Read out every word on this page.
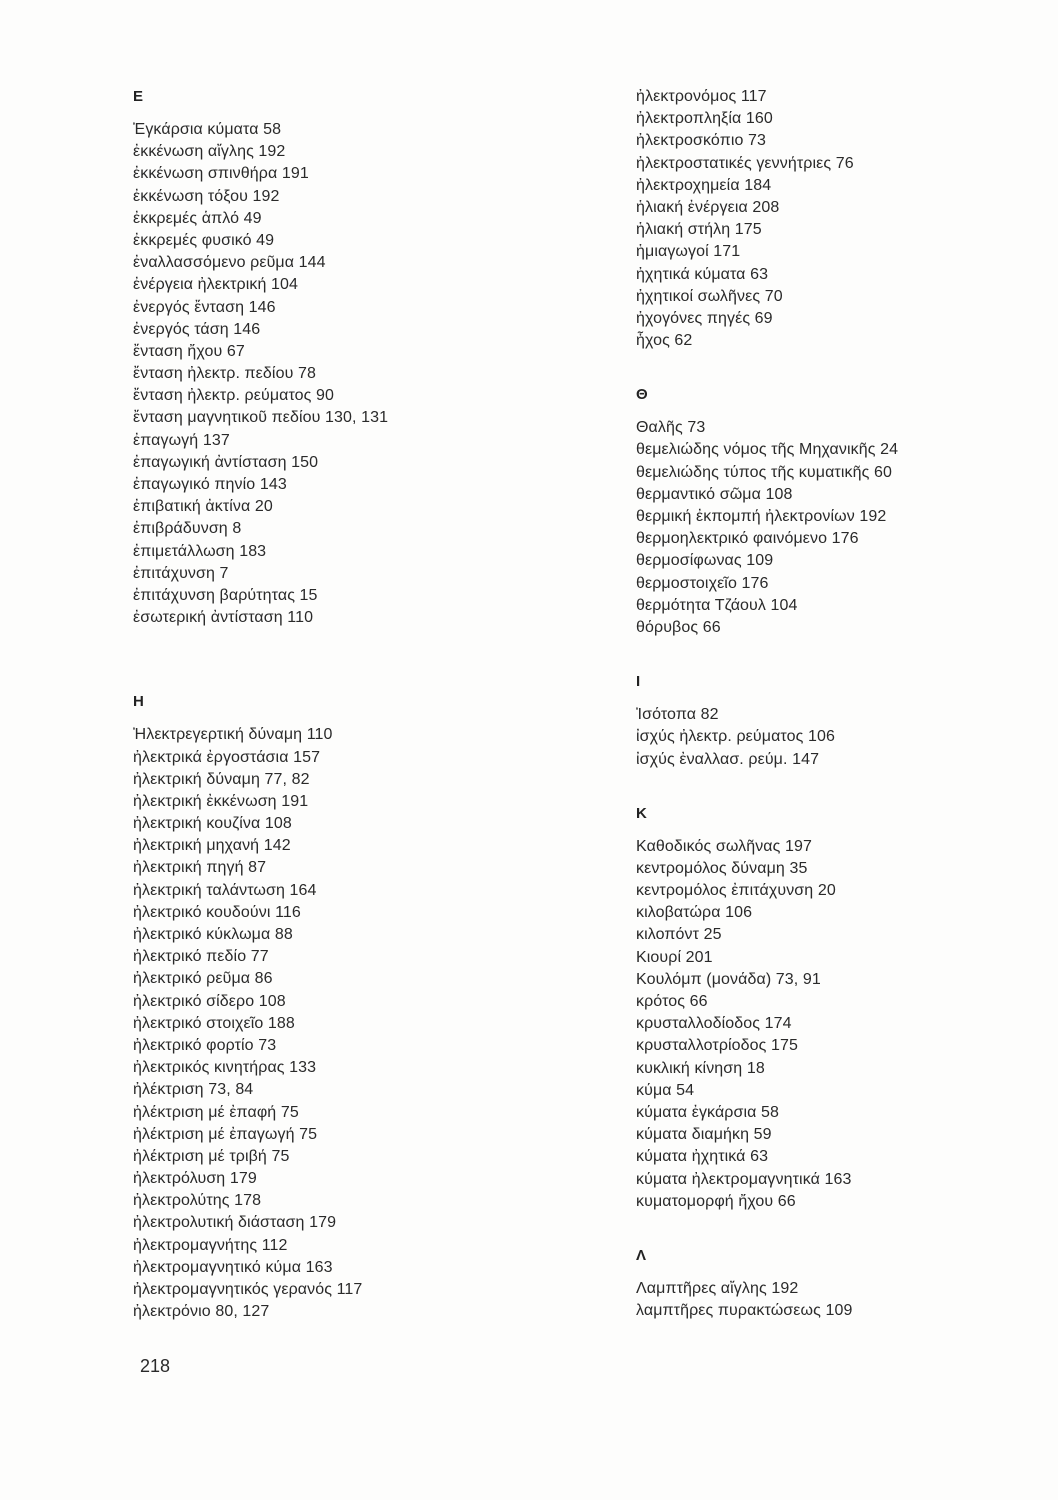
Ε
Ἐγκάρσια κύματα 58
ἐκκένωση αἴγλης 192
ἐκκένωση σπινθήρα 191
ἐκκένωση τόξου 192
ἐκκρεμές ἁπλό 49
ἐκκρεμές φυσικό 49
ἐναλλασσόμενο ρεῦμα 144
ἐνέργεια ἠλεκτρική 104
ἐνεργός ἔνταση 146
ἐνεργός τάση 146
ἔνταση ἤχου 67
ἔνταση ἠλεκτρ. πεδίου 78
ἔνταση ἠλεκτρ. ρεύματος 90
ἔνταση μαγνητικοῦ πεδίου 130, 131
ἐπαγωγή 137
ἐπαγωγική ἀντίσταση 150
ἐπαγωγικό πηνίο 143
ἐπιβατική ἀκτίνα 20
ἐπιβράδυνση 8
ἐπιμετάλλωση 183
ἐπιτάχυνση 7
ἐπιτάχυνση βαρύτητας 15
ἐσωτερική ἀντίσταση 110
Η
Ἠλεκτρεγερτική δύναμη 110
ἠλεκτρικά ἐργοστάσια 157
ἠλεκτρική δύναμη 77, 82
ἠλεκτρική ἐκκένωση 191
ἠλεκτρική κουζίνα 108
ἠλεκτρική μηχανή 142
ἠλεκτρική πηγή 87
ἠλεκτρική ταλάντωση 164
ἠλεκτρικό κουδούνι 116
ἠλεκτρικό κύκλωμα 88
ἠλεκτρικό πεδίο 77
ἠλεκτρικό ρεῦμα 86
ἠλεκτρικό σίδερο 108
ἠλεκτρικό στοιχεῖο 188
ἠλεκτρικό φορτίο 73
ἠλεκτρικός κινητήρας 133
ἠλέκτριση 73, 84
ἠλέκτριση μέ ἐπαφή 75
ἠλέκτριση μέ ἐπαγωγή 75
ἠλέκτριση μέ τριβή 75
ἠλεκτρόλυση 179
ἠλεκτρολύτης 178
ἠλεκτρολυτική διάσταση 179
ἠλεκτρομαγνήτης 112
ἠλεκτρομαγνητικό κύμα 163
ἠλεκτρομαγνητικός γερανός 117
ἠλεκτρόνιο 80, 127
ἠλεκτρονόμος 117
ἠλεκτροπληξία 160
ἠλεκτροσκόπιο 73
ἠλεκτροστατικές γεννήτριες 76
ἠλεκτροχημεία 184
ἡλιακή ἐνέργεια 208
ἡλιακή στήλη 175
ἡμιαγωγοί 171
ἠχητικά κύματα 63
ἠχητικοί σωλῆνες 70
ἠχογόνες πηγές 69
ἦχος 62
Θ
Θαλῆς 73
θεμελιώδης νόμος τῆς Μηχανικῆς 24
θεμελιώδης τύπος τῆς κυματικῆς 60
θερμαντικό σῶμα 108
θερμική ἐκπομπή ἠλεκτρονίων 192
θερμοηλεκτρικό φαινόμενο 176
θερμοσίφωνας 109
θερμοστοιχεῖο 176
θερμότητα Τζάουλ 104
θόρυβος 66
Ι
Ἰσότοπα 82
ἰσχύς ἠλεκτρ. ρεύματος 106
ἰσχύς ἐναλλασ. ρεύμ. 147
Κ
Καθοδικός σωλῆνας 197
κεντρομόλος δύναμη 35
κεντρομόλος ἐπιτάχυνση 20
κιλοβατώρα 106
κιλοπόντ 25
Κιουρί 201
Κουλόμπ (μονάδα) 73, 91
κρότος 66
κρυσταλλοδίοδος 174
κρυσταλλοτρίοδος 175
κυκλική κίνηση 18
κύμα 54
κύματα ἐγκάρσια 58
κύματα διαμήκη 59
κύματα ἠχητικά 63
κύματα ἠλεκτρομαγνητικά 163
κυματομορφή ἤχου 66
Λ
Λαμπτῆρες αἴγλης 192
λαμπτῆρες πυρακτώσεως 109
218
